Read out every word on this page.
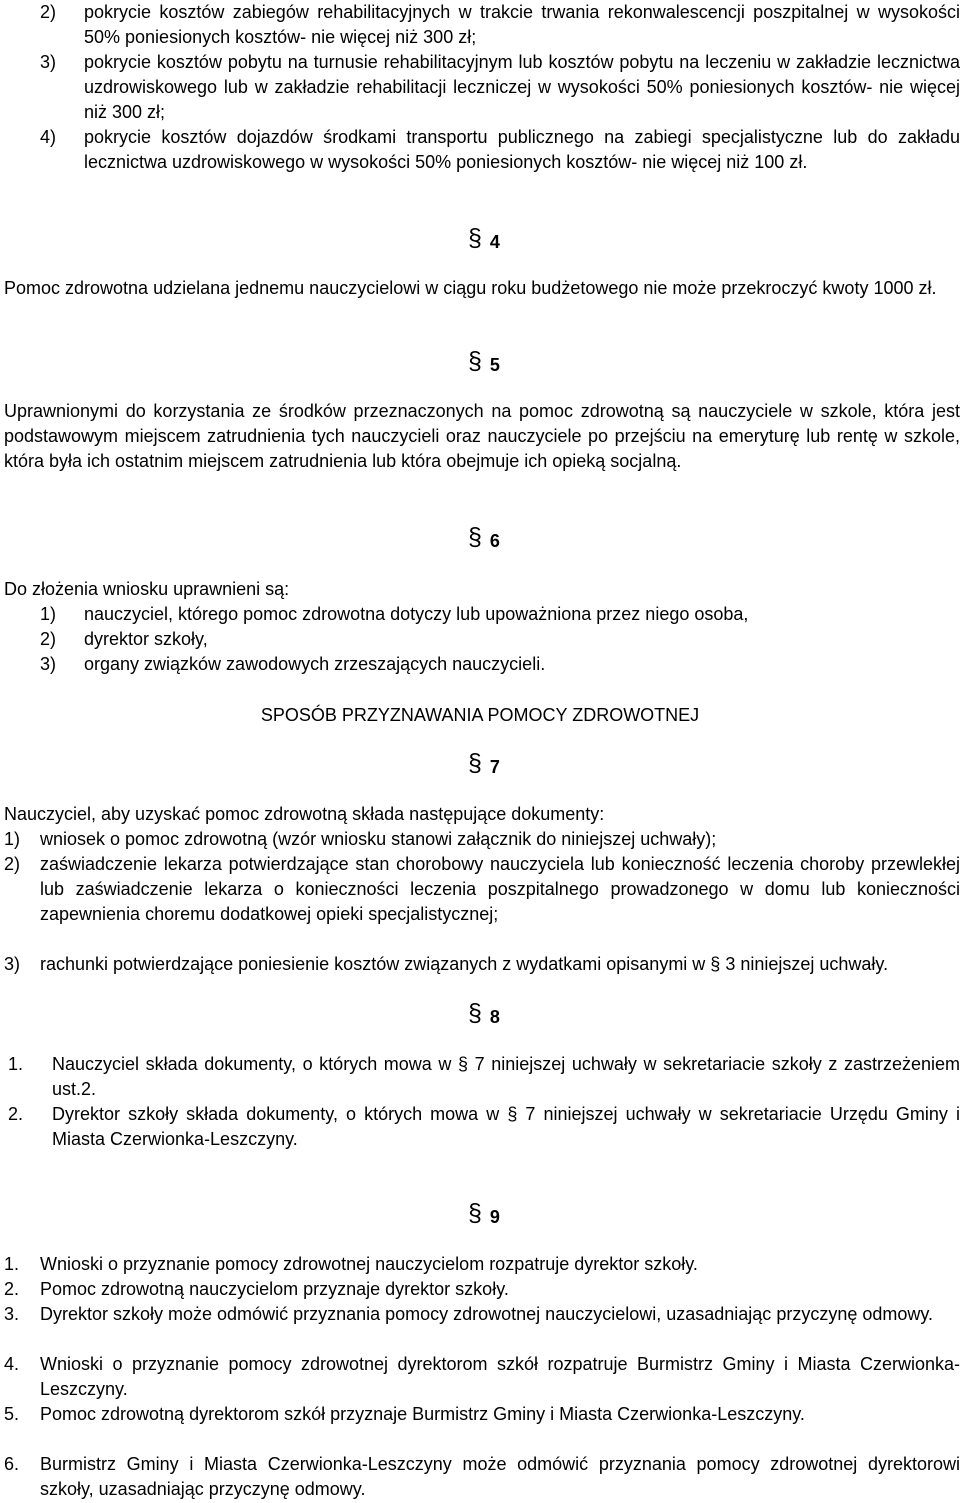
2)	pokrycie kosztów zabiegów rehabilitacyjnych w trakcie trwania rekonwalescencji poszpitalnej w wysokości 50% poniesionych kosztów- nie więcej niż 300 zł;
3)	pokrycie kosztów pobytu na turnusie rehabilitacyjnym lub kosztów pobytu na leczeniu w zakładzie lecznictwa uzdrowiskowego lub w zakładzie rehabilitacji leczniczej w wysokości 50% poniesionych kosztów- nie więcej niż 300 zł;
4)	pokrycie kosztów dojazdów środkami transportu publicznego na zabiegi specjalistyczne lub do zakładu lecznictwa uzdrowiskowego w wysokości 50% poniesionych kosztów- nie więcej niż 100 zł.
§ 4
Pomoc zdrowotna udzielana jednemu nauczycielowi w ciągu roku budżetowego nie może przekroczyć kwoty 1000 zł.
§ 5
Uprawnionymi do korzystania ze środków przeznaczonych na pomoc zdrowotną są nauczyciele w szkole, która jest podstawowym miejscem zatrudnienia tych nauczycieli oraz nauczyciele po przejściu na emeryturę lub rentę w szkole, która była ich ostatnim miejscem zatrudnienia lub która obejmuje ich opieką socjalną.
§ 6
Do złożenia wniosku uprawnieni są:
1)	nauczyciel, którego pomoc zdrowotna dotyczy lub upoważniona przez niego osoba,
2)	dyrektor szkoły,
3)	organy związków zawodowych zrzeszających nauczycieli.
SPOSÓB PRZYZNAWANIA POMOCY ZDROWOTNEJ
§ 7
Nauczyciel, aby uzyskać pomoc zdrowotną składa następujące dokumenty:
1)	wniosek o pomoc zdrowotną (wzór wniosku stanowi załącznik do niniejszej uchwały);
2)	zaświadczenie lekarza potwierdzające stan chorobowy nauczyciela lub konieczność leczenia choroby przewlekłej lub zaświadczenie lekarza o konieczności leczenia poszpitalnego prowadzonego w domu lub konieczności zapewnienia choremu dodatkowej opieki specjalistycznej;
3)	rachunki potwierdzające poniesienie kosztów związanych z wydatkami opisanymi w § 3 niniejszej uchwały.
§ 8
1.	Nauczyciel składa dokumenty, o których mowa w § 7 niniejszej uchwały w sekretariacie szkoły z zastrzeżeniem ust.2.
2.	Dyrektor szkoły składa dokumenty, o których mowa w § 7 niniejszej uchwały w sekretariacie Urzędu Gminy i Miasta Czerwionka-Leszczyny.
§ 9
1.	Wnioski o przyznanie pomocy zdrowotnej nauczycielom rozpatruje dyrektor szkoły.
2.	Pomoc zdrowotną nauczycielom przyznaje dyrektor szkoły.
3.	Dyrektor szkoły może odmówić przyznania pomocy zdrowotnej nauczycielowi, uzasadniając przyczynę odmowy.
4.	Wnioski o przyznanie pomocy zdrowotnej dyrektorom szkół rozpatruje Burmistrz Gminy i Miasta Czerwionka-Leszczyny.
5.	Pomoc zdrowotną dyrektorom szkół przyznaje Burmistrz Gminy i Miasta Czerwionka-Leszczyny.
6.	Burmistrz Gminy i Miasta Czerwionka-Leszczyny może odmówić przyznania pomocy zdrowotnej dyrektorowi szkoły, uzasadniając przyczynę odmowy.
